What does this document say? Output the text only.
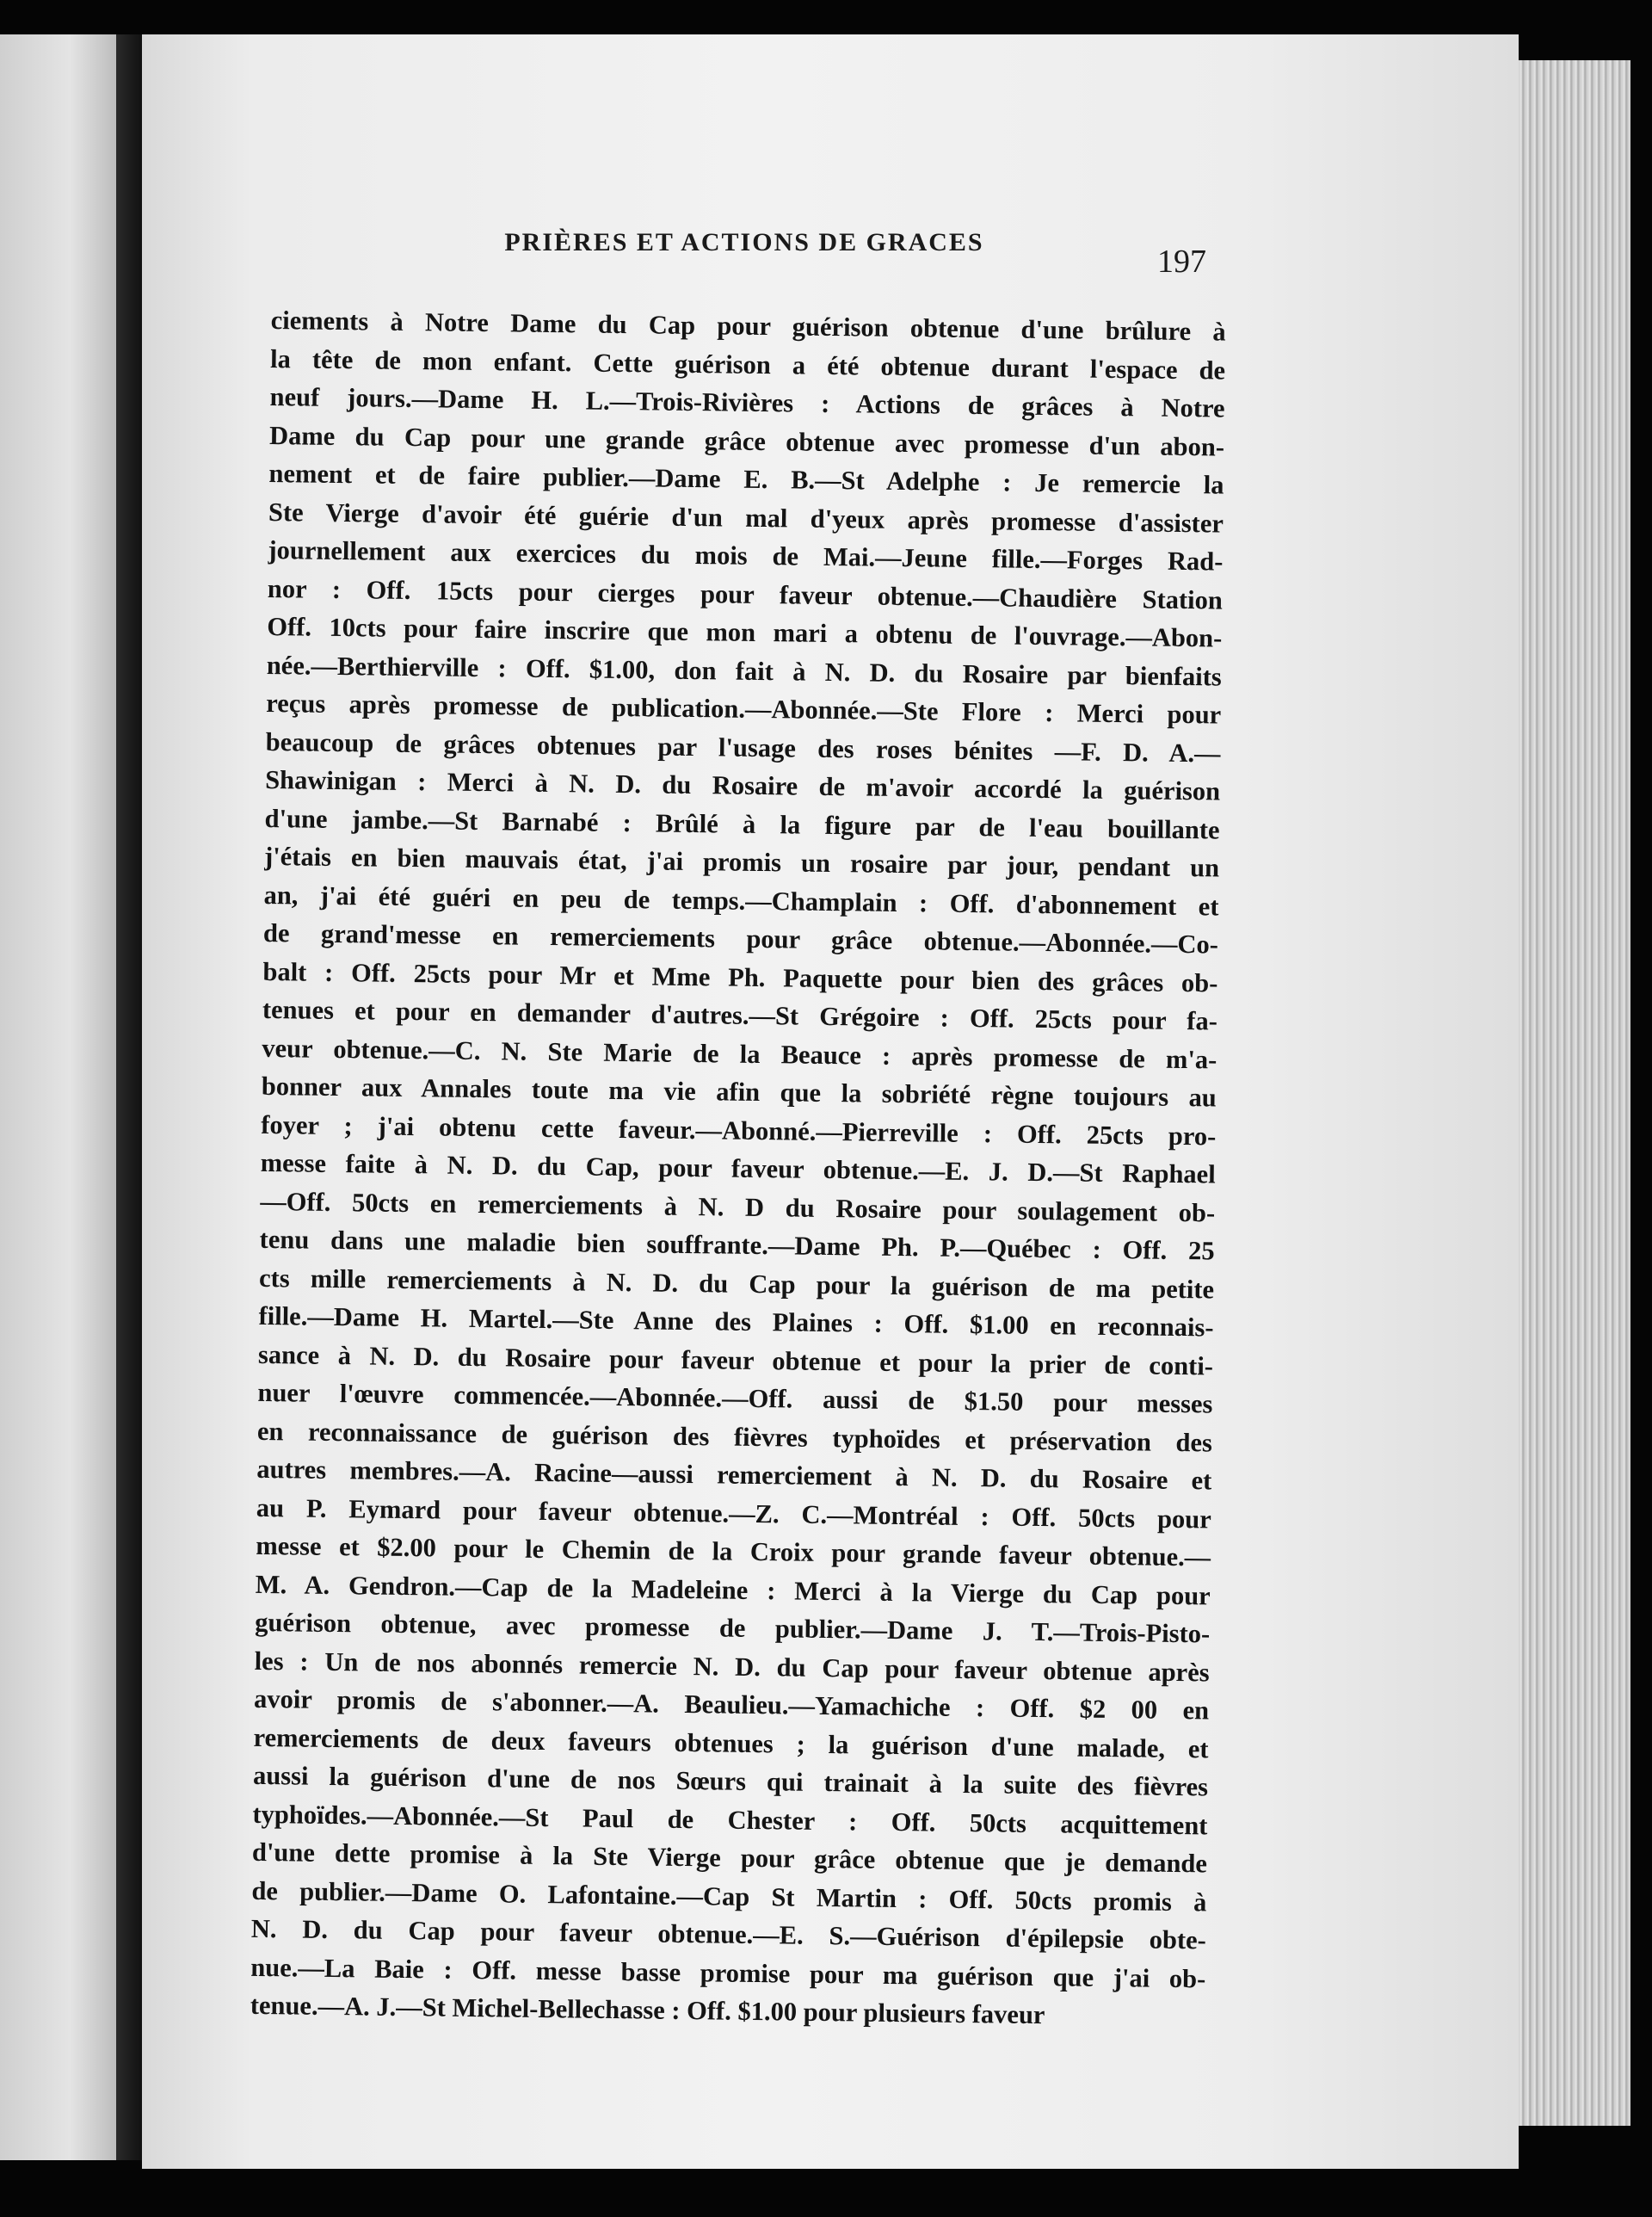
PRIÈRES ET ACTIONS DE GRACES
197
ciements à Notre Dame du Cap pour guérison obtenue d'une brûlure à
la tête de mon enfant. Cette guérison a été obtenue durant l'espace de
neuf jours.—Dame H. L.—Trois-Rivières : Actions de grâces à Notre
Dame du Cap pour une grande grâce obtenue avec promesse d'un abon-
nement et de faire publier.—Dame E. B.—St Adelphe : Je remercie la
Ste Vierge d'avoir été guérie d'un mal d'yeux après promesse d'assister
journellement aux exercices du mois de Mai.—Jeune fille.—Forges Rad-
nor : Off. 15cts pour cierges pour faveur obtenue.—Chaudière Station
Off. 10cts pour faire inscrire que mon mari a obtenu de l'ouvrage.—Abon-
née.—Berthierville : Off. $1.00, don fait à N. D. du Rosaire par bienfaits
reçus après promesse de publication.—Abonnée.—Ste Flore : Merci pour
beaucoup de grâces obtenues par l'usage des roses bénites —F. D. A.—
Shawinigan : Merci à N. D. du Rosaire de m'avoir accordé la guérison
d'une jambe.—St Barnabé : Brûlé à la figure par de l'eau bouillante
j'étais en bien mauvais état, j'ai promis un rosaire par jour, pendant un
an, j'ai été guéri en peu de temps.—Champlain : Off. d'abonnement et
de grand'messe en remerciements pour grâce obtenue.—Abonnée.—Co-
balt : Off. 25cts pour Mr et Mme Ph. Paquette pour bien des grâces ob-
tenues et pour en demander d'autres.—St Grégoire : Off. 25cts pour fa-
veur obtenue.—C. N. Ste Marie de la Beauce : après promesse de m'a-
bonner aux Annales toute ma vie afin que la sobriété règne toujours au
foyer ; j'ai obtenu cette faveur.—Abonné.—Pierreville : Off. 25cts pro-
messe faite à N. D. du Cap, pour faveur obtenue.—E. J. D.—St Raphael
—Off. 50cts en remerciements à N. D du Rosaire pour soulagement ob-
tenu dans une maladie bien souffrante.—Dame Ph. P.—Québec : Off. 25
cts mille remerciements à N. D. du Cap pour la guérison de ma petite
fille.—Dame H. Martel.—Ste Anne des Plaines : Off. $1.00 en reconnais-
sance à N. D. du Rosaire pour faveur obtenue et pour la prier de conti-
nuer l'œuvre commencée.—Abonnée.—Off. aussi de $1.50 pour messes
en reconnaissance de guérison des fièvres typhoïdes et préservation des
autres membres.—A. Racine—aussi remerciement à N. D. du Rosaire et
au P. Eymard pour faveur obtenue.—Z. C.—Montréal : Off. 50cts pour
messe et $2.00 pour le Chemin de la Croix pour grande faveur obtenue.—
M. A. Gendron.—Cap de la Madeleine : Merci à la Vierge du Cap pour
guérison obtenue, avec promesse de publier.—Dame J. T.—Trois-Pisto-
les : Un de nos abonnés remercie N. D. du Cap pour faveur obtenue après
avoir promis de s'abonner.—A. Beaulieu.—Yamachiche : Off. $2 00 en
remerciements de deux faveurs obtenues ; la guérison d'une malade, et
aussi la guérison d'une de nos Sœurs qui trainait à la suite des fièvres
typhoïdes.—Abonnée.—St Paul de Chester : Off. 50cts acquittement
d'une dette promise à la Ste Vierge pour grâce obtenue que je demande
de publier.—Dame O. Lafontaine.—Cap St Martin : Off. 50cts promis à
N. D. du Cap pour faveur obtenue.—E. S.—Guérison d'épilepsie obte-
nue.—La Baie : Off. messe basse promise pour ma guérison que j'ai ob-
tenue.—A. J.—St Michel-Bellechasse : Off. $1.00 pour plusieurs faveur
